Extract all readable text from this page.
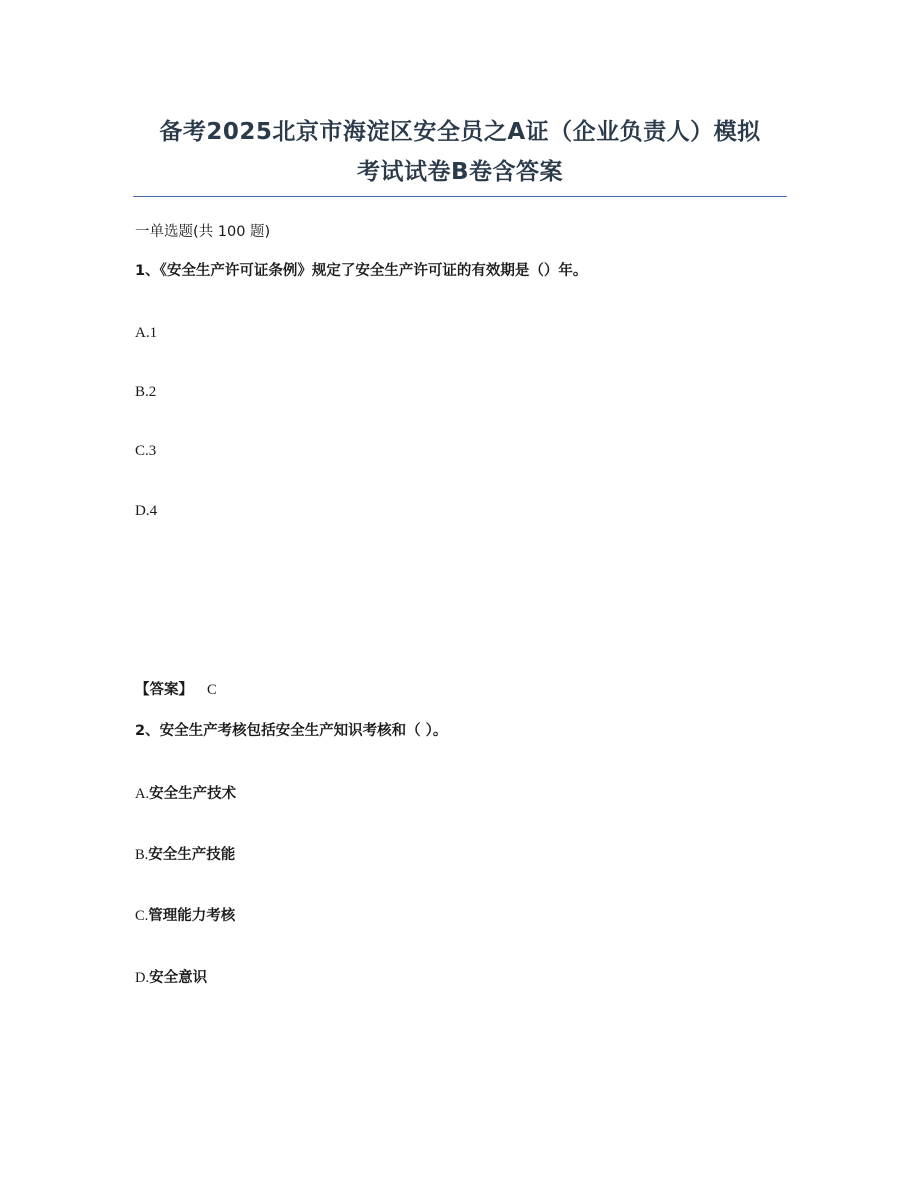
备考2025北京市海淀区安全员之A证（企业负责人）模拟
考试试卷B卷含答案
一单选题(共 100 题)
1、《安全生产许可证条例》规定了安全生产许可证的有效期是（）年。
A.1
B.2
C.3
D.4
【答案】 C
2、安全生产考核包括安全生产知识考核和（ ）。
A.安全生产技术
B.安全生产技能
C.管理能力考核
D.安全意识
